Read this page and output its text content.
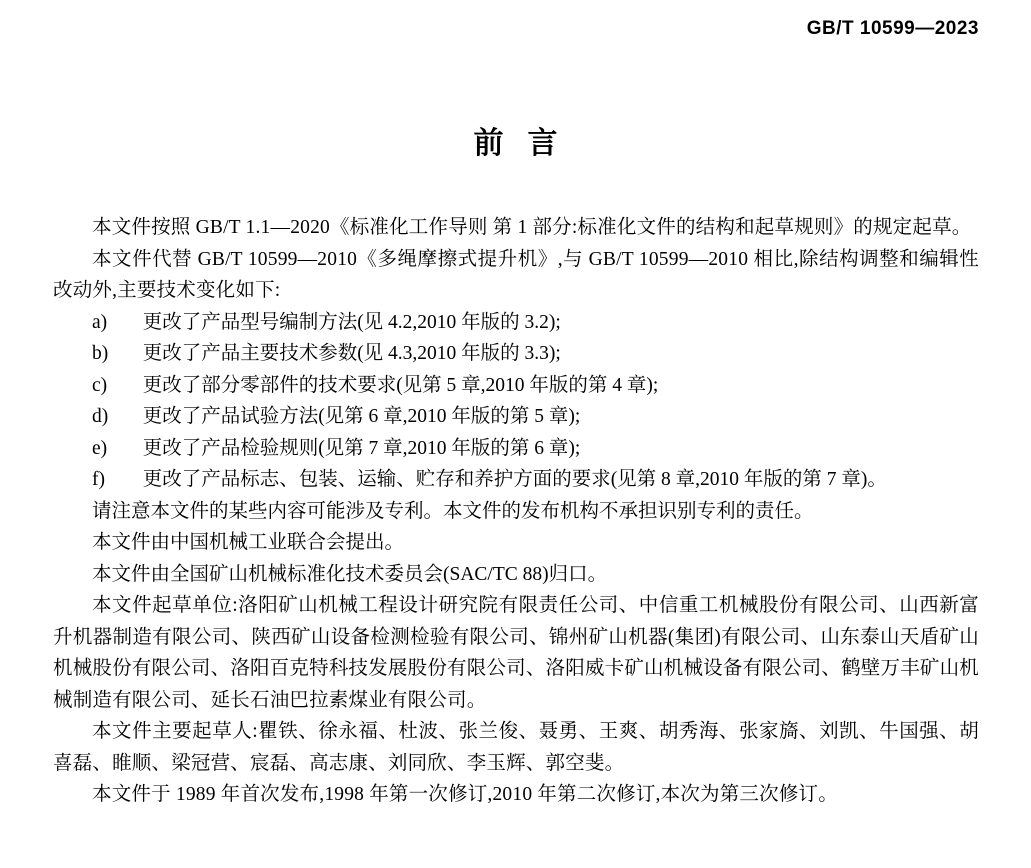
GB/T 10599—2023
前言

本文件按照 GB/T 1.1—2020《标准化工作导则 第 1 部分:标准化文件的结构和起草规则》的规定起草。

本文件代替 GB/T 10599—2010《多绳摩擦式提升机》,与 GB/T 10599—2010 相比,除结构调整和编辑性改动外,主要技术变化如下:

a)	更改了产品型号编制方法(见 4.2,2010 年版的 3.2);
b)	更改了产品主要技术参数(见 4.3,2010 年版的 3.3);
c)	更改了部分零部件的技术要求(见第 5 章,2010 年版的第 4 章);
d)	更改了产品试验方法(见第 6 章,2010 年版的第 5 章);
e)	更改了产品检验规则(见第 7 章,2010 年版的第 6 章);
f)	更改了产品标志、包装、运输、贮存和养护方面的要求(见第 8 章,2010 年版的第 7 章)。

请注意本文件的某些内容可能涉及专利。本文件的发布机构不承担识别专利的责任。

本文件由中国机械工业联合会提出。

本文件由全国矿山机械标准化技术委员会(SAC/TC 88)归口。

本文件起草单位:洛阳矿山机械工程设计研究院有限责任公司、中信重工机械股份有限公司、山西新富升机器制造有限公司、陕西矿山设备检测检验有限公司、锦州矿山机器(集团)有限公司、山东泰山天盾矿山机械股份有限公司、洛阳百克特科技发展股份有限公司、洛阳威卡矿山机械设备有限公司、鹤壁万丰矿山机械制造有限公司、延长石油巴拉素煤业有限公司。

本文件主要起草人:瞿铁、徐永福、杜波、张兰俊、聂勇、王爽、胡秀海、张家旖、刘凯、牛国强、胡喜磊、睢顺、梁冠营、宸磊、高志康、刘同欣、李玉辉、郭空斐。

本文件于 1989 年首次发布,1998 年第一次修订,2010 年第二次修订,本次为第三次修订。
